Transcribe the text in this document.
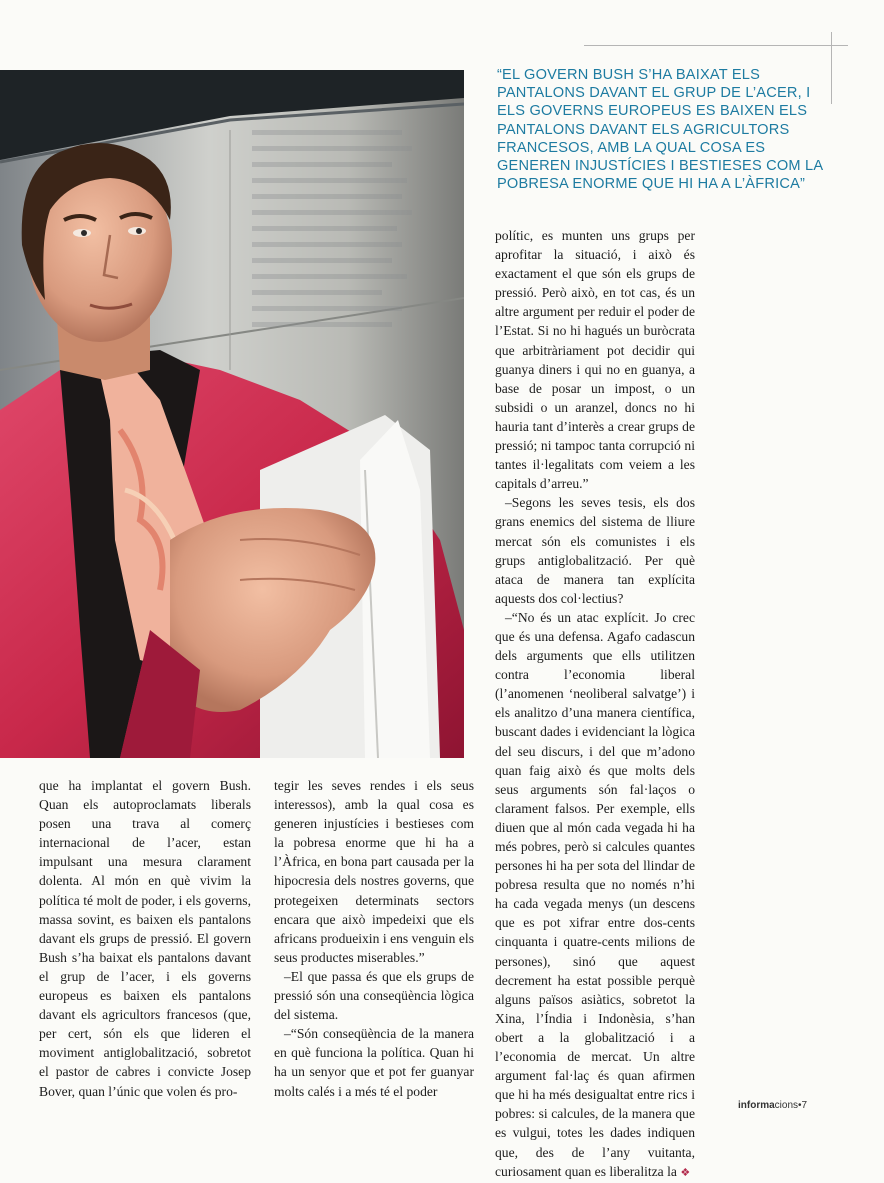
“EL GOVERN BUSH S’HA BAIXAT ELS PANTALONS DAVANT EL GRUP DE L’ACER, I ELS GOVERNS EUROPEUS ES BAIXEN ELS PANTALONS DAVANT ELS AGRICULTORS FRANCESOS, AMB LA QUAL COSA ES GENEREN INJUSTÍCIES I BESTIESES COM LA POBRESA ENORME QUE HI HA A L’ÀFRICA”

que ha implantat el govern Bush. Quan els autoproclamats liberals posen una trava al comerç internacional de l’acer, estan impulsant una mesura clarament dolenta. Al món en què vivim la política té molt de poder, i els governs, massa sovint, es baixen els pantalons davant els grups de pressió. El govern Bush s’ha baixat els pantalons davant el grup de l’acer, i els governs europeus es baixen els pantalons davant els agricultors francesos (que, per cert, són els que lideren el moviment antiglobalització, sobretot el pastor de cabres i convicte Josep Bover, quan l’únic que volen és pro-

tegir les seves rendes i els seus interessos), amb la qual cosa es generen injustícies i bestieses com la pobresa enorme que hi ha a l’Àfrica, en bona part causada per la hipocresia dels nostres governs, que protegeixen determinats sectors encara que això impedeixi que els africans produeixin i ens venguin els seus productes miserables.”

–El que passa és que els grups de pressió són una conseqüència lògica del sistema.

–“Són conseqüència de la manera en què funciona la política. Quan hi ha un senyor que et pot fer guanyar molts calés i a més té el poder

polític, es munten uns grups per aprofitar la situació, i això és exactament el que són els grups de pressió. Però això, en tot cas, és un altre argument per reduir el poder de l’Estat. Si no hi hagués un buròcrata que arbitràriament pot decidir qui guanya diners i qui no en guanya, a base de posar un impost, o un subsidi o un aranzel, doncs no hi hauria tant d’interès a crear grups de pressió; ni tampoc tanta corrupció ni tantes il·legalitats com veiem a les capitals d’arreu.”

–Segons les seves tesis, els dos grans enemics del sistema de lliure mercat són els comunistes i els grups antiglobalització. Per què ataca de manera tan explícita aquests dos col·lectius?

–“No és un atac explícit. Jo crec que és una defensa. Agafo cadascun dels arguments que ells utilitzen contra l’economia liberal (l’anomenen ‘neoliberal salvatge’) i els analitzo d’una manera científica, buscant dades i evidenciant la lògica del seu discurs, i del que m’adono quan faig això és que molts dels seus arguments són fal·laços o clarament falsos. Per exemple, ells diuen que al món cada vegada hi ha més pobres, però si calcules quantes persones hi ha per sota del llindar de pobresa resulta que no només n’hi ha cada vegada menys (un descens que es pot xifrar entre dos-cents cinquanta i quatre-cents milions de persones), sinó que aquest decrement ha estat possible perquè alguns països asiàtics, sobretot la Xina, l’Índia i Indonèsia, s’han obert a la globalització i a l’economia de mercat. Un altre argument fal·laç és quan afirmen que hi ha més desigualtat entre rics i pobres: si calcules, de la manera que es vulgui, totes les dades indiquen que, des de l’any vuitanta, curiosament quan es liberalitza la ❖

informacions•7
